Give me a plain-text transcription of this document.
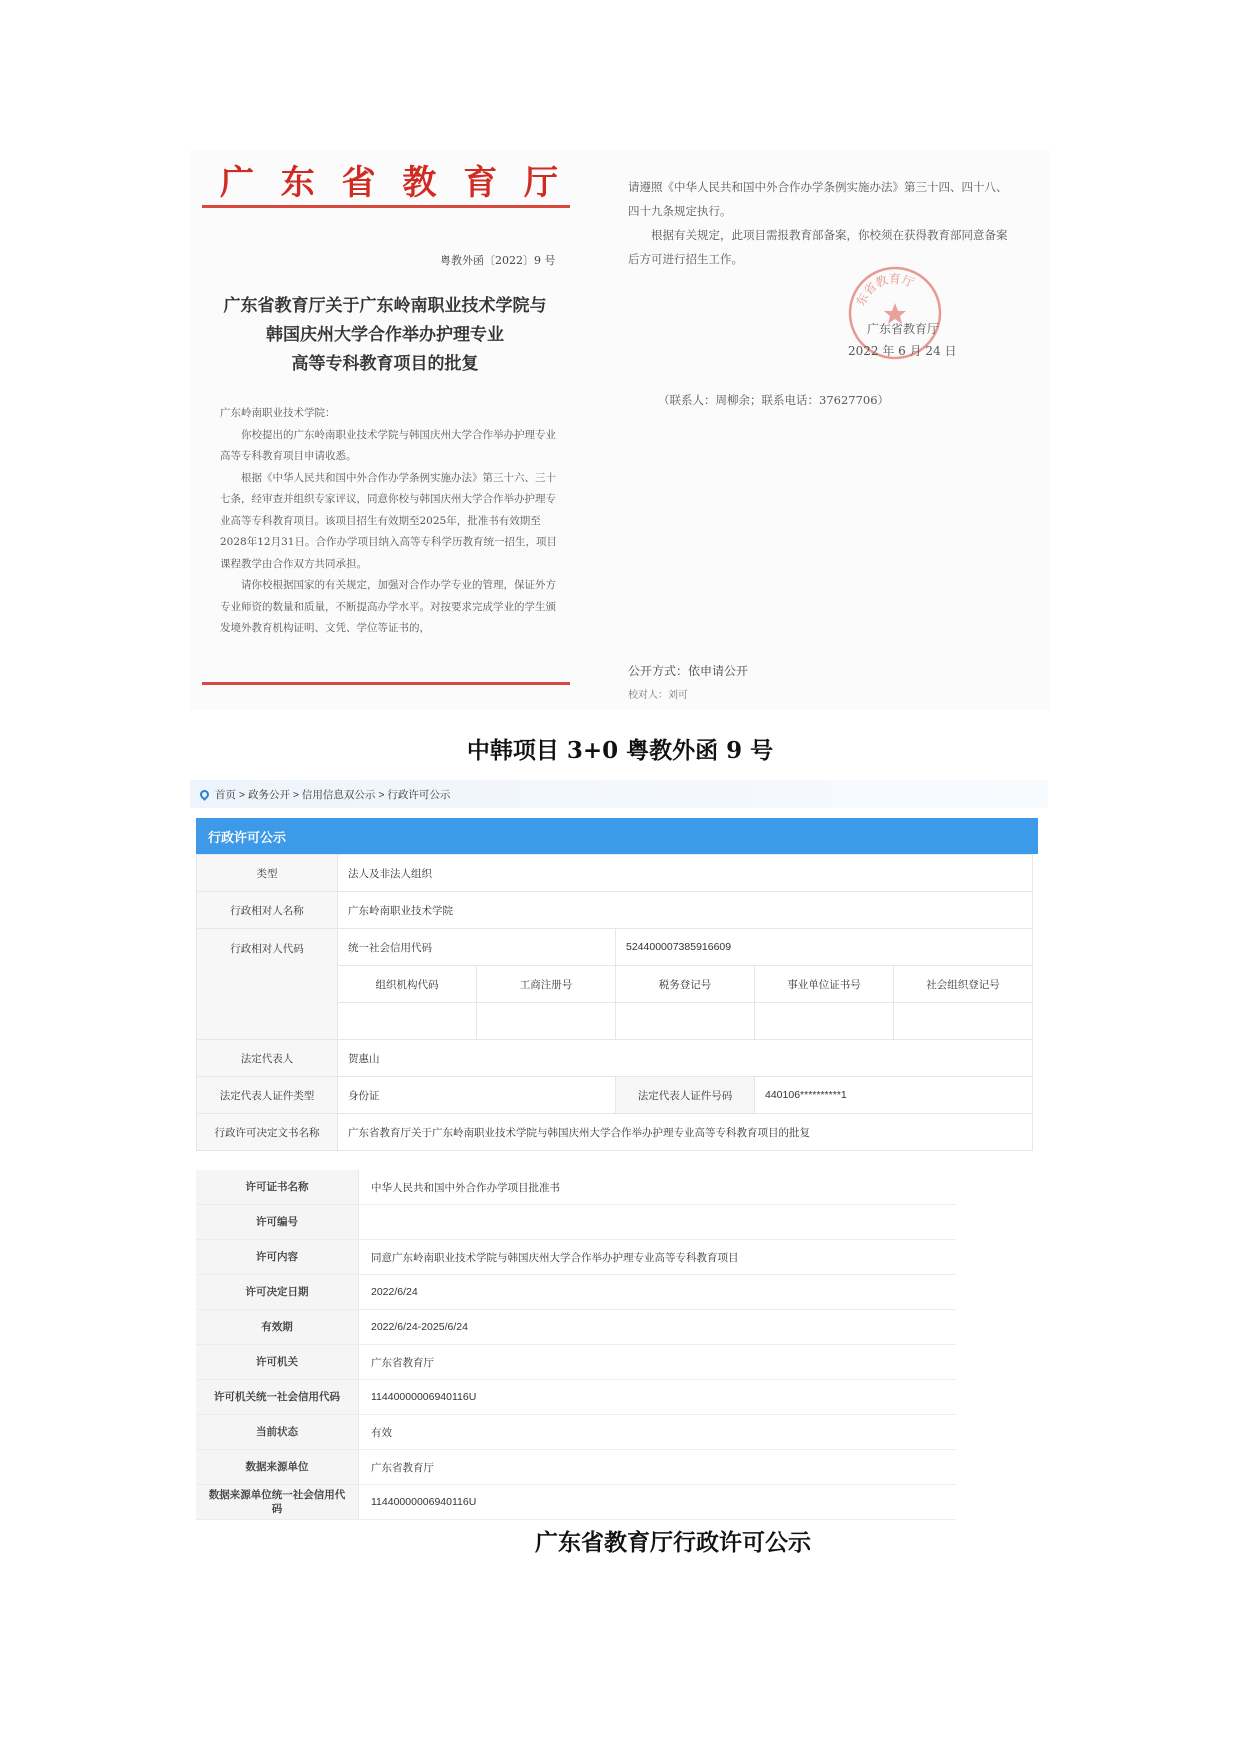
广 东 省 教 育 厅
粤教外函〔2022〕9 号
广东省教育厅关于广东岭南职业技术学院与
韩国庆州大学合作举办护理专业
高等专科教育项目的批复

广东岭南职业技术学院：

你校提出的广东岭南职业技术学院与韩国庆州大学合作举办护理专业高等专科教育项目申请收悉。

根据《中华人民共和国中外合作办学条例实施办法》第三十六、三十七条，经审查并组织专家评议，同意你校与韩国庆州大学合作举办护理专业高等专科教育项目。该项目招生有效期至2025年，批准书有效期至2028年12月31日。合作办学项目纳入高等专科学历教育统一招生，项目课程教学由合作双方共同承担。

请你校根据国家的有关规定，加强对合作办学专业的管理，保证外方专业师资的数量和质量，不断提高办学水平。对按要求完成学业的学生颁发境外教育机构证明、文凭、学位等证书的，

请遵照《中华人民共和国中外合作办学条例实施办法》第三十四、四十八、四十九条规定执行。

根据有关规定，此项目需报教育部备案，你校须在获得教育部同意备案后方可进行招生工作。

东省教育厅
广东省教育厅
2022 年 6 月 24 日
（联系人：周柳余；联系电话：37627706）
公开方式：依申请公开
校对人：刘可
中韩项目 3+0 粤教外函 9 号
首页 > 政务公开 > 信用信息双公示 > 行政许可公示
行政许可公示
类型	法人及非法人组织				
行政相对人名称	广东岭南职业技术学院				
行政相对人代码	统一社会信用代码		524400007385916609		
	组织机构代码	工商注册号	税务登记号	事业单位证书号	社会组织登记号

法定代表人	贺惠山				
法定代表人证件类型	身份证		法定代表人证件号码	440106**********1	
行政许可决定文书名称	广东省教育厅关于广东岭南职业技术学院与韩国庆州大学合作举办护理专业高等专科教育项目的批复				
许可证书名称	中华人民共和国中外合作办学项目批准书
许可编号	
许可内容	同意广东岭南职业技术学院与韩国庆州大学合作举办护理专业高等专科教育项目
许可决定日期	2022/6/24
有效期	2022/6/24-2025/6/24
许可机关	广东省教育厅
许可机关统一社会信用代码	11440000006940116U
当前状态	有效
数据来源单位	广东省教育厅
数据来源单位统一社会信用代码	11440000006940116U
广东省教育厅行政许可公示
